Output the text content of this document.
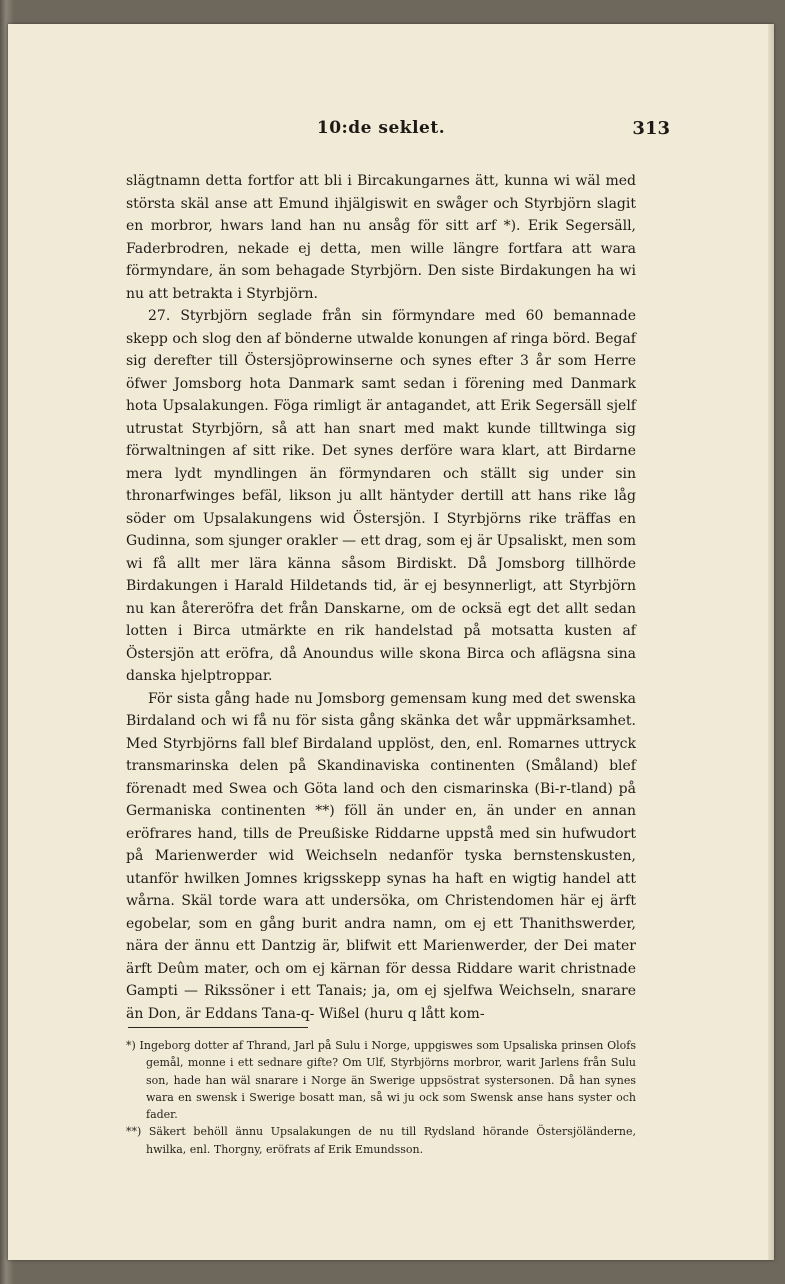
10:de seklet.	313

slägtnamn detta fortfor att bli i Bircakungarnes ätt, kunna wi wäl med största skäl anse att Emund ihjälgiswit en swåger och Styrbjörn slagit en morbror, hwars land han nu ansåg för sitt arf *). Erik Segersäll, Faderbrodren, nekade ej detta, men wille längre fortfara att wara förmyndare, än som behagade Styrbjörn. Den siste Birdakungen ha wi nu att betrakta i Styrbjörn.

27. Styrbjörn seglade från sin förmyndare med 60 bemannade skepp och slog den af bönderne utwalde konungen af ringa börd. Begaf sig derefter till Östersjöprowinserne och synes efter 3 år som Herre öfwer Jomsborg hota Danmark samt sedan i förening med Danmark hota Upsalakungen. Föga rimligt är antagandet, att Erik Segersäll sjelf utrustat Styrbjörn, så att han snart med makt kunde tilltwinga sig förwaltningen af sitt rike. Det synes derföre wara klart, att Birdarne mera lydt myndlingen än förmyndaren och ställt sig under sin thronarfwinges befäl, likson ju allt häntyder dertill att hans rike låg söder om Upsalakungens wid Östersjön. I Styrbjörns rike träffas en Gudinna, som sjunger orakler — ett drag, som ej är Upsaliskt, men som wi få allt mer lära känna såsom Birdiskt. Då Jomsborg tillhörde Birdakungen i Harald Hildetands tid, är ej besynnerligt, att Styrbjörn nu kan återeröfra det från Danskarne, om de ocksä egt det allt sedan lotten i Birca utmärkte en rik handelstad på motsatta kusten af Östersjön att eröfra, då Anoundus wille skona Birca och aflägsna sina danska hjelptroppar.

För sista gång hade nu Jomsborg gemensam kung med det swenska Birdaland och wi få nu för sista gång skänka det wår uppmärksamhet. Med Styrbjörns fall blef Birdaland upplöst, den, enl. Romarnes uttryck transmarinska delen på Skandinaviska continenten (Småland) blef förenadt med Swea och Göta land och den cismarinska (Bi-r-tland) på Germaniska continenten **) föll än under en, än under en annan eröfrares hand, tills de Preußiske Riddarne uppstå med sin hufwudort på Marienwerder wid Weichseln nedanför tyska bernstenskusten, utanför hwilken Jomnes krigsskepp synas ha haft en wigtig handel att wårna. Skäl torde wara att undersöka, om Christendomen här ej ärft egobelar, som en gång burit andra namn, om ej ett Thanithswerder, nära der ännu ett Dantzig är, blifwit ett Marienwerder, der Dei mater ärft Deûm mater, och om ej kärnan för dessa Riddare warit christnade Gampti — Rikssöner i ett Tanais; ja, om ej sjelfwa Weichseln, snarare än Don, är Eddans Tana-q- Wißel (huru q lått kom-

*) Ingeborg dotter af Thrand, Jarl på Sulu i Norge, uppgiswes som Upsaliska prinsen Olofs gemål, monne i ett sednare gifte? Om Ulf, Styrbjörns morbror, warit Jarlens från Sulu son, hade han wäl snarare i Norge än Swerige uppsöstrat systersonen. Då han synes wara en swensk i Swerige bosatt man, så wi ju ock som Swensk anse hans syster och fader.

**) Säkert behöll ännu Upsalakungen de nu till Rydsland hörande Östersjöländerne, hwilka, enl. Thorgny, eröfrats af Erik Emundsson.
